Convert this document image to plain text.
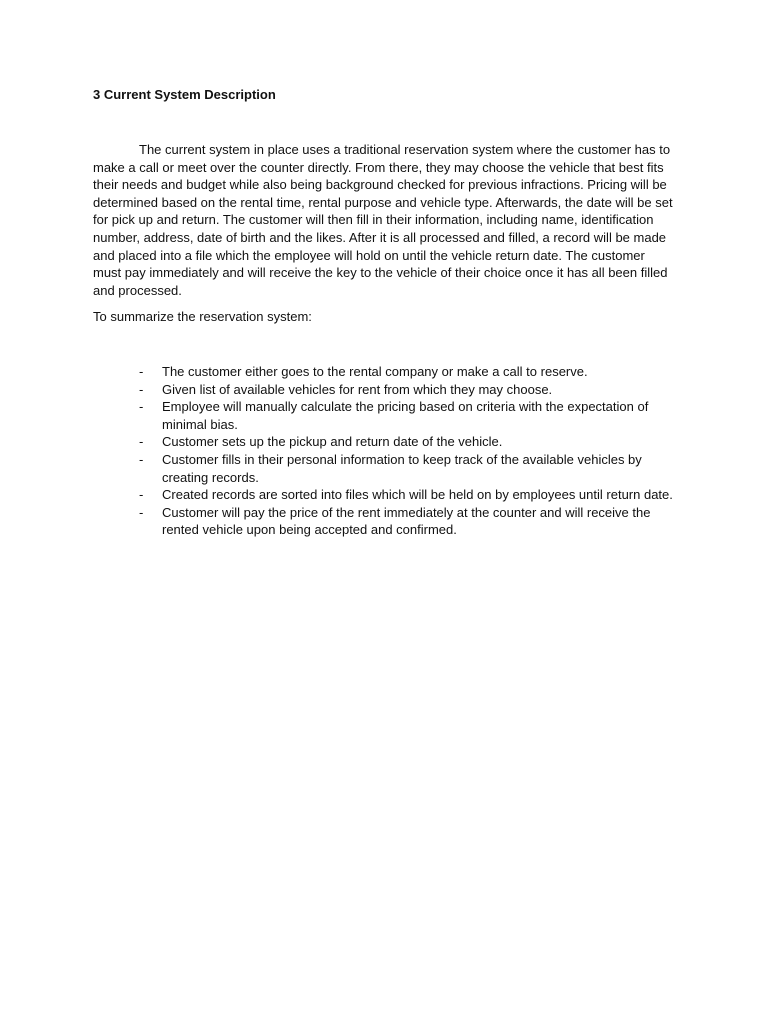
3 Current System Description

The current system in place uses a traditional reservation system where the customer has to make a call or meet over the counter directly. From there, they may choose the vehicle that best fits their needs and budget while also being background checked for previous infractions. Pricing will be determined based on the rental time, rental purpose and vehicle type. Afterwards, the date will be set for pick up and return. The customer will then fill in their information, including name, identification number, address, date of birth and the likes. After it is all processed and filled, a record will be made and placed into a file which the employee will hold on until the vehicle return date. The customer must pay immediately and will receive the key to the vehicle of their choice once it has all been filled and processed.

To summarize the reservation system:

- The customer either goes to the rental company or make a call to reserve.
- Given list of available vehicles for rent from which they may choose.
- Employee will manually calculate the pricing based on criteria with the expectation of minimal bias.
- Customer sets up the pickup and return date of the vehicle.
- Customer fills in their personal information to keep track of the available vehicles by creating records.
- Created records are sorted into files which will be held on by employees until return date.
- Customer will pay the price of the rent immediately at the counter and will receive the rented vehicle upon being accepted and confirmed.
